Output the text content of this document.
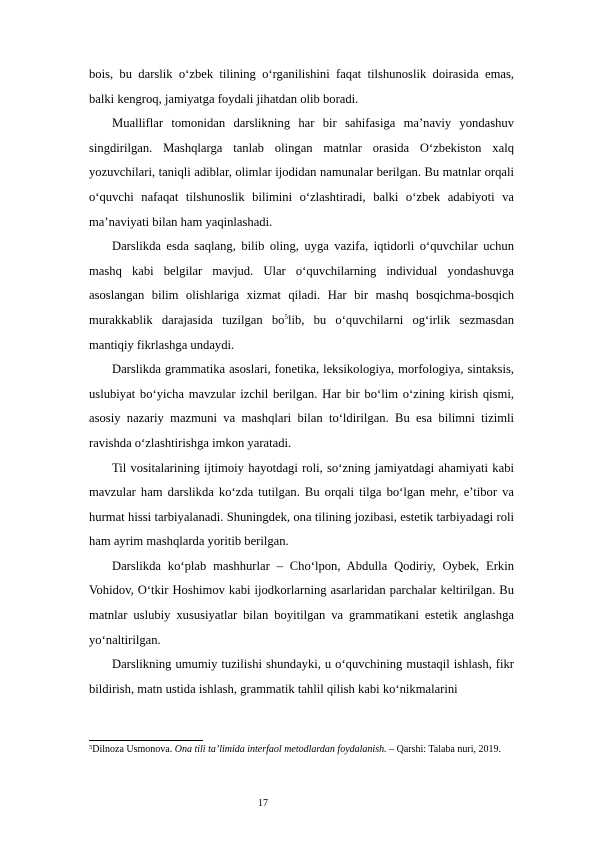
bois, bu darslik o‘zbek tilining o‘rganilishini faqat tilshunoslik doirasida emas, balki kengroq, jamiyatga foydali jihatdan olib boradi.

Mualliflar tomonidan darslikning har bir sahifasiga ma’naviy yondashuv singdirilgan. Mashqlarga tanlab olingan matnlar orasida O‘zbekiston xalq yozuvchilari, taniqli adiblar, olimlar ijodidan namunalar berilgan. Bu matnlar orqali o‘quvchi nafaqat tilshunoslik bilimini o‘zlashtiradi, balki o‘zbek adabiyoti va ma’naviyati bilan ham yaqinlashadi.

Darslikda esda saqlang, bilib oling, uyga vazifa, iqtidorli o‘quvchilar uchun mashq kabi belgilar mavjud. Ular o‘quvchilarning individual yondashuvga asoslangan bilim olishlariga xizmat qiladi. Har bir mashq bosqichma-bosqich murakkablik darajasida tuzilgan $bo^5lib$, bu o‘quvchilarni og‘irlik sezmasdan mantiqiy fikrlashga undaydi.

Darslikda grammatika asoslari, fonetika, leksikologiya, morfologiya, sintaksis, uslubiyat bo‘yicha mavzular izchil berilgan. Har bir bo‘lim o‘zining kirish qismi, asosiy nazariy mazmuni va mashqlari bilan to‘ldirilgan. Bu esa bilimni tizimli ravishda o‘zlashtirishga imkon yaratadi.

Til vositalarining ijtimoiy hayotdagi roli, so‘zning jamiyatdagi ahamiyati kabi mavzular ham darslikda ko‘zda tutilgan. Bu orqali tilga bo‘lgan mehr, e’tibor va hurmat hissi tarbiyalanadi. Shuningdek, ona tilining jozibasi, estetik tarbiyadagi roli ham ayrim mashqlarda yoritib berilgan.

Darslikda ko‘plab mashhurlar – Cho‘lpon, Abdulla Qodiriy, Oybek, Erkin Vohidov, O‘tkir Hoshimov kabi ijodkorlarning asarlaridan parchalar keltirilgan. Bu matnlar uslubiy xususiyatlar bilan boyitilgan va grammatikani estetik anglashga yo‘naltirilgan.

Darslikning umumiy tuzilishi shundayki, u o‘quvchining mustaqil ishlash, fikr bildirish, matn ustida ishlash, grammatik tahlil qilish kabi ko‘nikmalarini

$^5$Dilnoza Usmonova. Ona tili ta’limida interfaol metodlardan foydalanish. – Qarshi: Talaba nuri, 2019.
17
